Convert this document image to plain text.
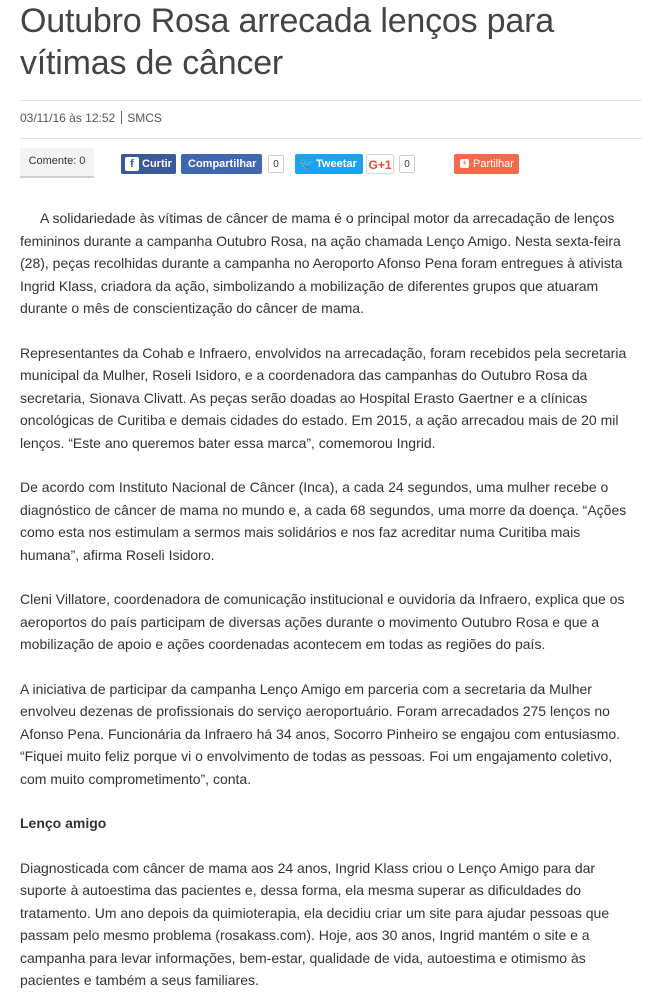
Outubro Rosa arrecada lenços para vítimas de câncer
03/11/16 às 12:52 SMCS
Comente: 0	f Curtir	Compartilhar	0	🐦 Tweetar G+1	0	+ Partilhar

A solidariedade às vítimas de câncer de mama é o principal motor da arrecadação de lenços femininos durante a campanha Outubro Rosa, na ação chamada Lenço Amigo. Nesta sexta-feira (28), peças recolhidas durante a campanha no Aeroporto Afonso Pena foram entregues à ativista Ingrid Klass, criadora da ação, simbolizando a mobilização de diferentes grupos que atuaram durante o mês de conscientização do câncer de mama.

Representantes da Cohab e Infraero, envolvidos na arrecadação, foram recebidos pela secretaria municipal da Mulher, Roseli Isidoro, e a coordenadora das campanhas do Outubro Rosa da secretaria, Sionava Clivatt. As peças serão doadas ao Hospital Erasto Gaertner e a clínicas oncológicas de Curitiba e demais cidades do estado. Em 2015, a ação arrecadou mais de 20 mil lenços. “Este ano queremos bater essa marca”, comemorou Ingrid.

De acordo com Instituto Nacional de Câncer (Inca), a cada 24 segundos, uma mulher recebe o diagnóstico de câncer de mama no mundo e, a cada 68 segundos, uma morre da doença. “Ações como esta nos estimulam a sermos mais solidários e nos faz acreditar numa Curitiba mais humana”, afirma Roseli Isidoro.

Cleni Villatore, coordenadora de comunicação institucional e ouvidoria da Infraero, explica que os aeroportos do país participam de diversas ações durante o movimento Outubro Rosa e que a mobilização de apoio e ações coordenadas acontecem em todas as regiões do país.

A iniciativa de participar da campanha Lenço Amigo em parceria com a secretaria da Mulher envolveu dezenas de profissionais do serviço aeroportuário. Foram arrecadados 275 lenços no Afonso Pena. Funcionária da Infraero há 34 anos, Socorro Pinheiro se engajou com entusiasmo. “Fiquei muito feliz porque vi o envolvimento de todas as pessoas. Foi um engajamento coletivo, com muito comprometimento”, conta.

Lenço amigo

Diagnosticada com câncer de mama aos 24 anos, Ingrid Klass criou o Lenço Amigo para dar suporte à autoestima das pacientes e, dessa forma, ela mesma superar as dificuldades do tratamento. Um ano depois da quimioterapia, ela decidiu criar um site para ajudar pessoas que passam pelo mesmo problema (rosakass.com). Hoje, aos 30 anos, Ingrid mantém o site e a campanha para levar informações, bem-estar, qualidade de vida, autoestima e otimismo às pacientes e também a seus familiares.
